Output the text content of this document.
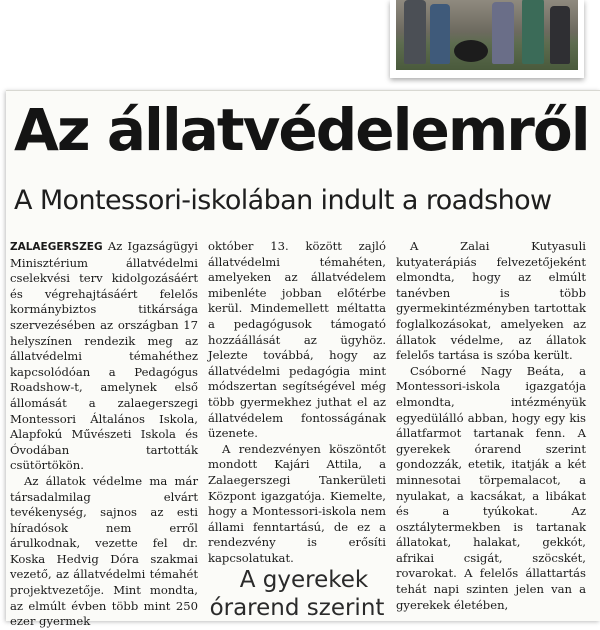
Az állatvédelemről
A Montessori-iskolában indult a roadshow

ZALAEGERSZEG Az Igazságügyi Minisztérium állatvédelmi cselekvési terv kidolgozásáért és végrehajtásáért felelős kormánybiztos titkársága szervezésében az országban 17 helyszínen rendezik meg az állatvédelmi témahéthez kapcsolódóan a Pedagógus Roadshow-t, amelynek első állomását a zalaegerszegi Montessori Általános Iskola, Alapfokú Művészeti Iskola és Óvodában tartották csütörtökön.

Az állatok védelme ma már társadalmilag elvárt tevékenység, sajnos az esti híradósok nem erről árulkodnak, vezette fel dr. Koska Hedvig Dóra szakmai vezető, az állatvédelmi témahét projektvezetője. Mint mondta, az elmúlt évben több mint 250 ezer gyermek

október 13. között zajló állatvédelmi témahéten, amelyeken az állatvédelem mibenléte jobban előtérbe kerül. Mindemellett méltatta a pedagógusok támogató hozzáállását az ügyhöz. Jelezte továbbá, hogy az állatvédelmi pedagógia mint módszertan segítségével még több gyermekhez juthat el az állatvédelem fontosságának üzenete.

A rendezvényen köszöntőt mondott Kajári Attila, a Zalaegerszegi Tankerületi Központ igazgatója. Kiemelte, hogy a Montessori-iskola nem állami fenntartású, de ez a rendezvény is erősíti kapcsolatukat.

A gyerekek órarend szerint

A Zalai Kutyasuli kutyaterápiás felvezetőjeként elmondta, hogy az elmúlt tanévben is több gyermekintézményben tartottak foglalkozásokat, amelyeken az állatok védelme, az állatok felelős tartása is szóba került.

Csóborné Nagy Beáta, a Montessori-iskola igazgatója elmondta, intézményük egyedülálló abban, hogy egy kis állatfarmot tartanak fenn. A gyerekek órarend szerint gondozzák, etetik, itatják a két minnesotai törpemalacot, a nyulakat, a kacsákat, a libákat és a tyúkokat. Az osztálytermekben is tartanak állatokat, halakat, gekkót, afrikai csigát, szöcskét, rovarokat. A felelős állattartás tehát napi szinten jelen van a gyerekek életében,
